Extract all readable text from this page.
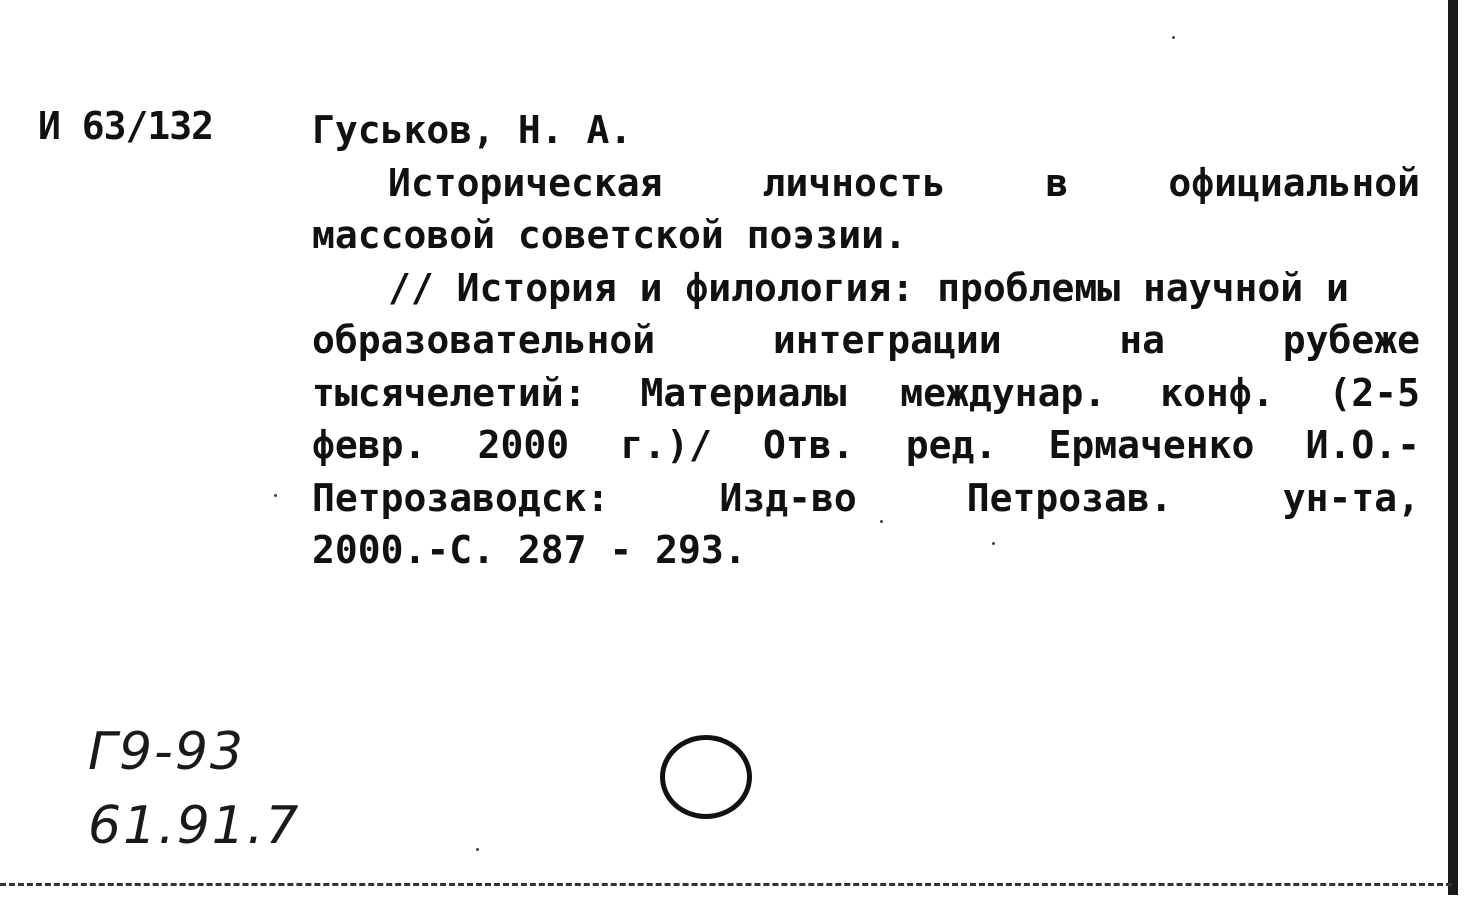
И 63/132	Гуськов, Н. А.
Историческая	личность	в	официальной
массовой советской поэзии.
// История и филология: проблемы научной и
образовательной	интеграции	на	рубеже
тысячелетий: Материалы междунар. конф. (2-5
февр. 2000 г.)/ Отв. ред. Ермаченко И.О.-
Петрозаводск:	Изд-во	Петрозав.	ун-та,
2000.-С. 287 - 293.
Г9-93
61.91.7
